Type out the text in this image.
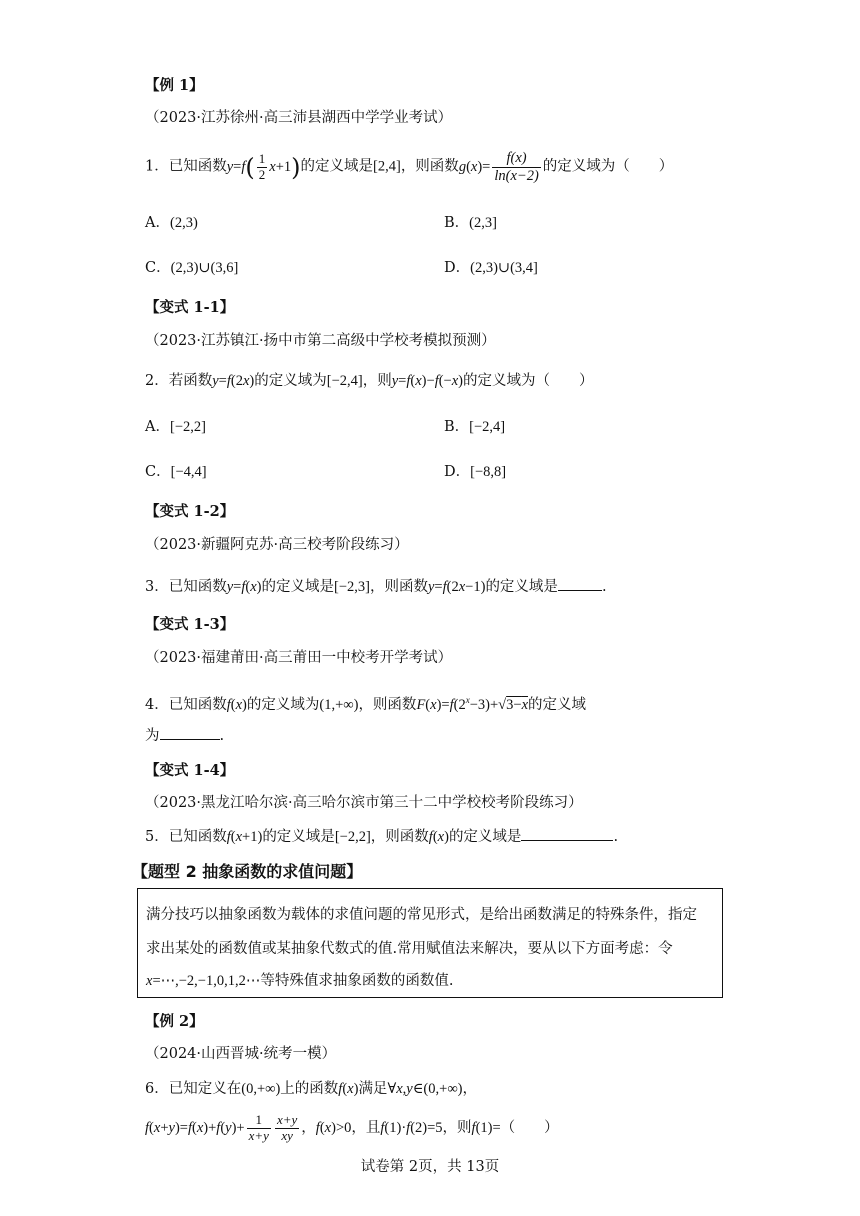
【例 1】
（2023·江苏徐州·高三沛县湖西中学学业考试）
1．已知函数$y=f( \frac{1}{2} x+1)$的定义域是[2,4]，则函数$g(x)= \frac{f(x)}{\ln(x-2)}$ 的定义域为（　　）
A．(2,3)	B．(2,3]
C．(2,3)∪(3,6]	D．(2,3)∪(3,4]
【变式 1-1】
（2023·江苏镇江·扬中市第二高级中学校考模拟预测）
2．若函数y=f(2x)的定义域为[−2,4]，则y=f(x)−f(−x)的定义域为（　　）
A．[−2,2]	B．[−2,4]
C．[−4,4]	D．[−8,8]
【变式 1-2】
（2023·新疆阿克苏·高三校考阶段练习）
3．已知函数y=f(x)的定义域是[−2,3]，则函数y=f(2x−1)的定义域是	.
【变式 1-3】
（2023·福建莆田·高三莆田一中校考开学考试）
4．已知函数f(x)的定义域为(1,+∞)，则函数$F(x)=f(2^x-3)+√3-x$的定义域
为	.
【变式 1-4】
（2023·黑龙江哈尔滨·高三哈尔滨市第三十二中学校校考阶段练习）
5．已知函数f(x+1)的定义域是[−2,2]，则函数f(x)的定义域是	.
【题型 2 抽象函数的求值问题】
满分技巧以抽象函数为载体的求值问题的常见形式，是给出函数满足的特殊条件，指定
求出某处的函数值或某抽象代数式的值.常用赋值法来解决，要从以下方面考虑：令
x=⋯,−2,−1,0,1,2⋯等特殊值求抽象函数的函数值.
【例 2】
（2024·山西晋城·统考一模）
6．已知定义在(0,+∞)上的函数f(x)满足∀x,y∈(0,+∞)，
$f(x+y)=f(x)+f(y)+ \frac{1}{x+y} \frac{x+y}{xy}$ ，f(x)>0，且f(1)·f(2)=5，则f(1)=（　　）
试卷第 2页，共 13页
